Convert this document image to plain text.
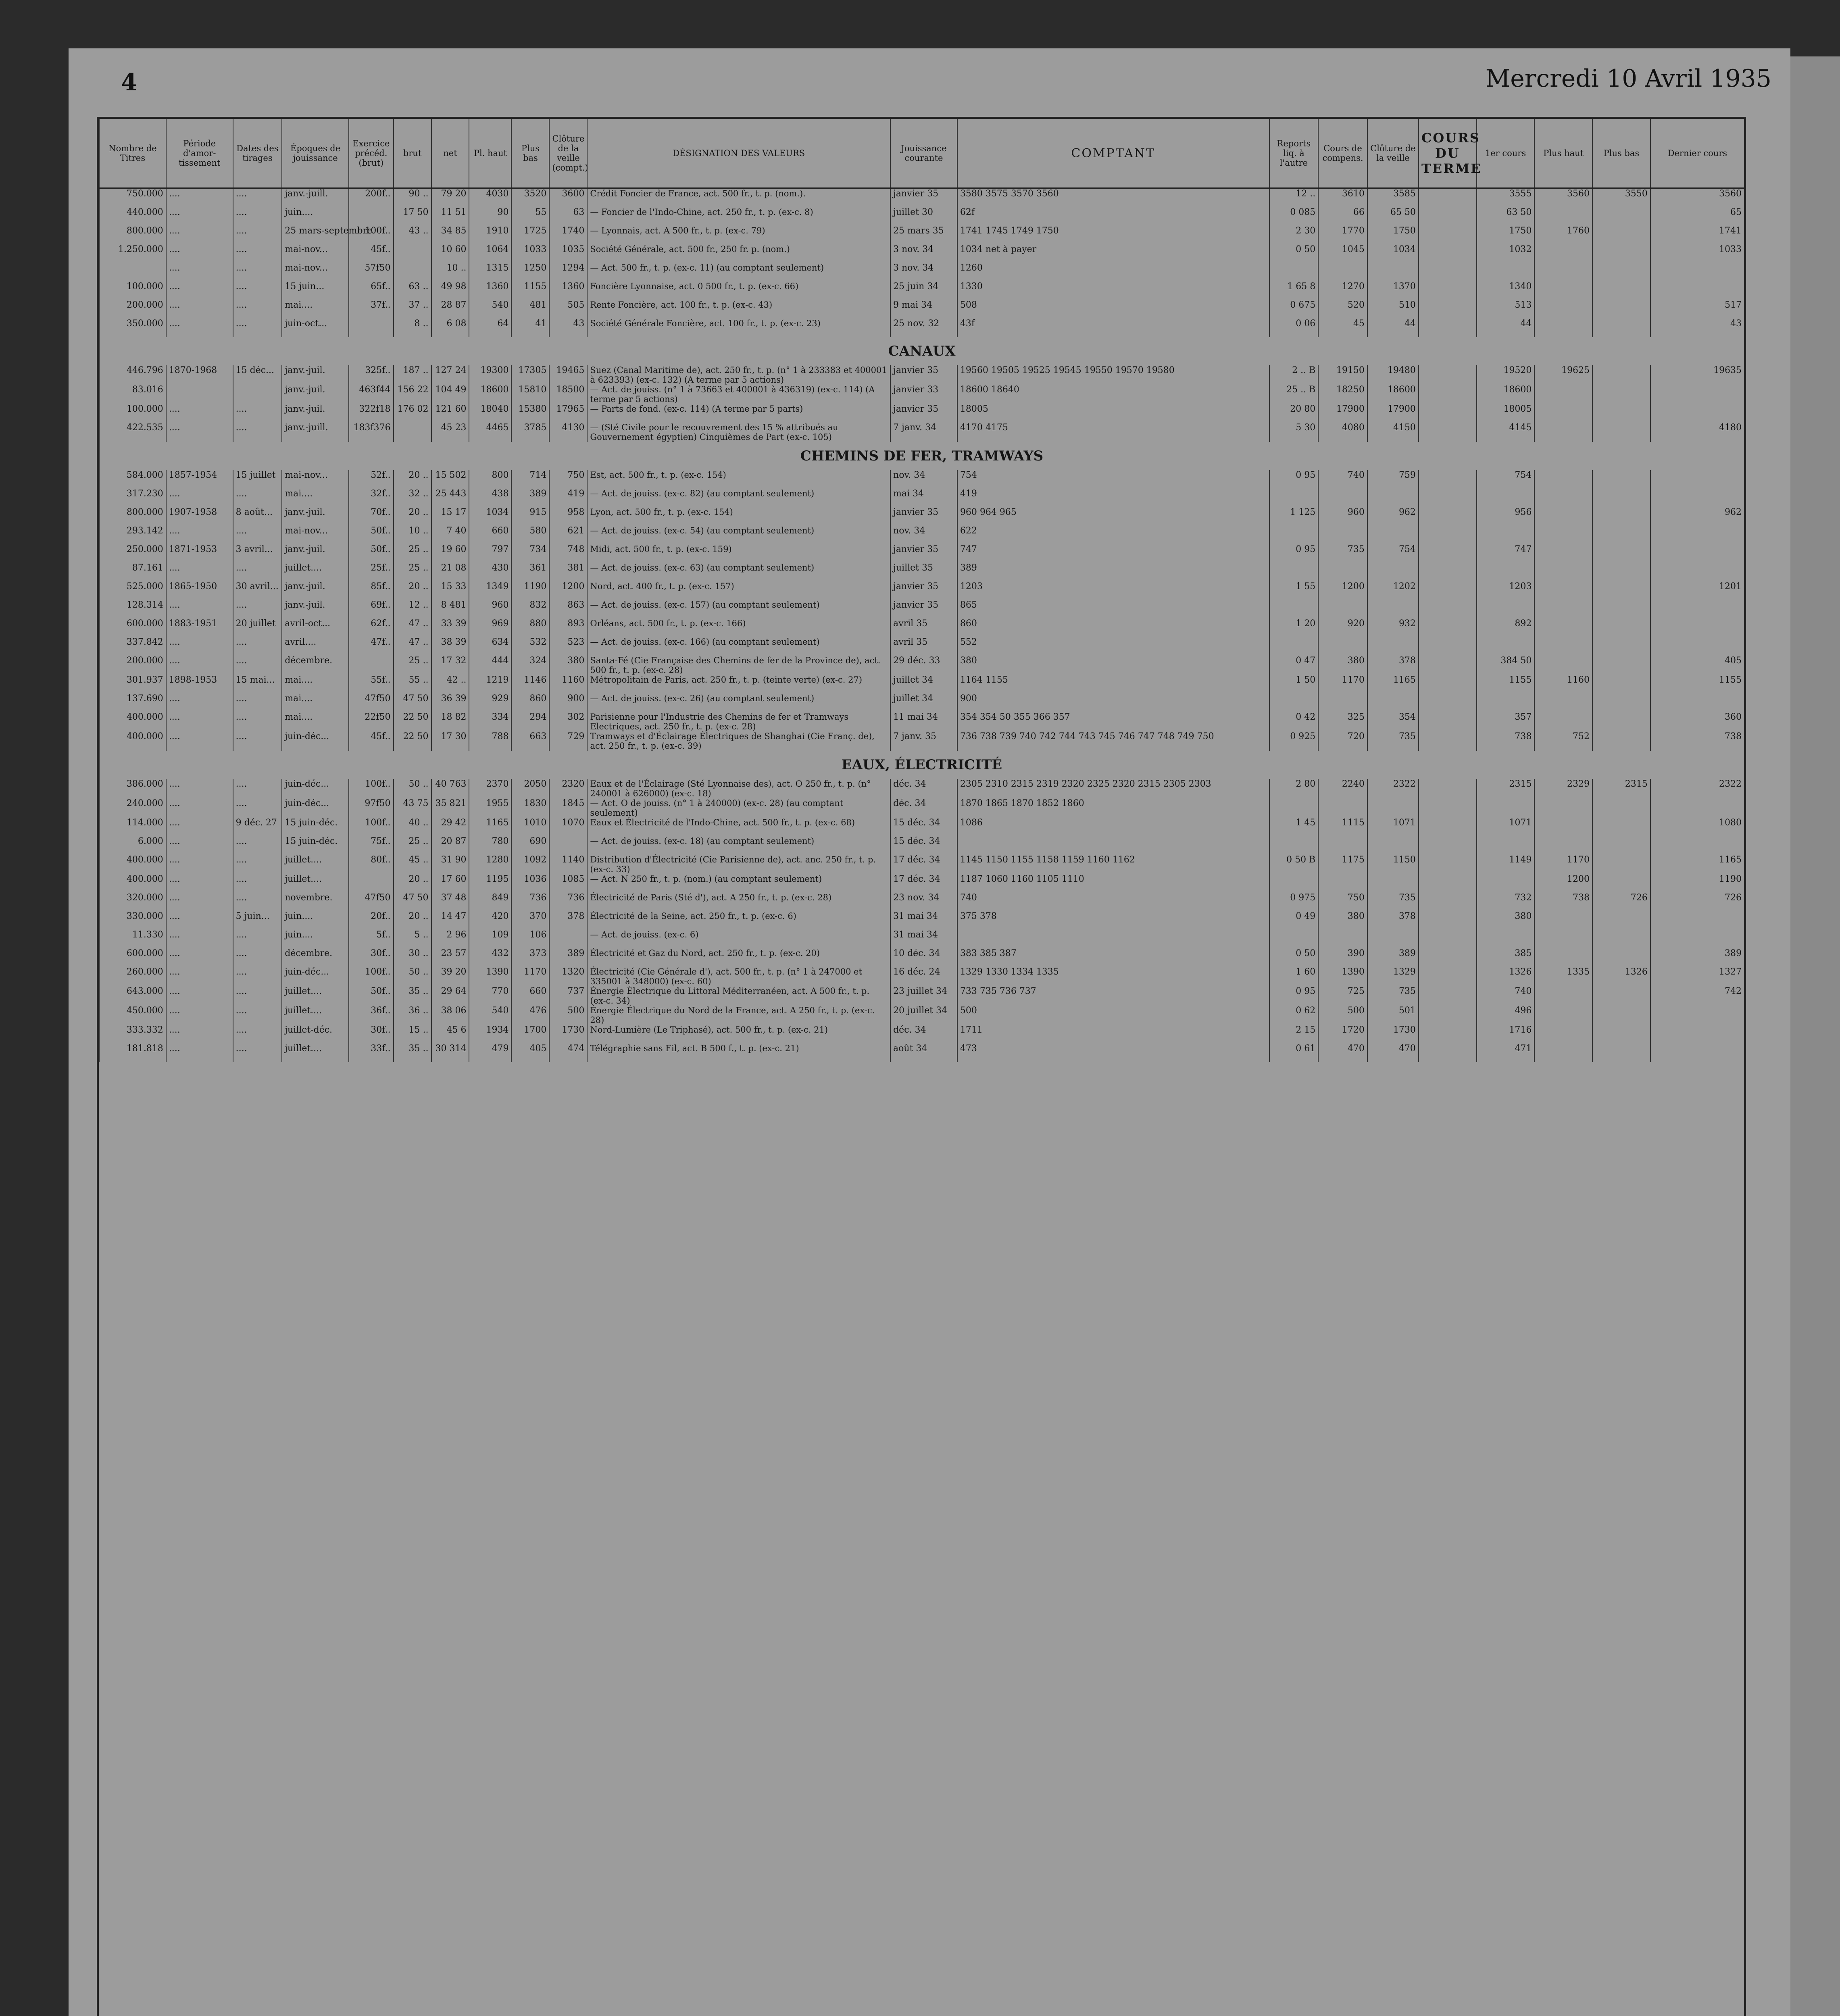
4	Mercredi 10 Avril 1935
Nombre de Titres	Période d'amor-tissement	Dates des tirages	Époques de jouissance	Exercice précéd. (brut)	brut	net	Pl. haut	Plus bas	Clôture de la veille (compt.)	DÉSIGNATION DES VALEURS	Jouissance courante	COMPTANT	Reports liq. à l'autre	Cours de compens.	Clôture de la veille	COURS DU TERME	1er cours	Plus haut	Plus bas	Dernier cours
750.000	....	....	janv.-juill.	200f..	90 ..	79 20	4030	3520	3600	Crédit Foncier de France, act. 500 fr., t. p. (nom.).	janvier 35	3580 3575 3570 3560	12 ..	3610	3585		3555	3560	3550	3560
440.000	....	....	juin....		17 50	11 51	90	55	63	— Foncier de l'Indo-Chine, act. 250 fr., t. p. (ex-c. 8)	juillet 30	62f	0 085	66	65 50		63 50			65
800.000	....	....	25 mars-septembre	100f..	43 ..	34 85	1910	1725	1740	— Lyonnais, act. A 500 fr., t. p. (ex-c. 79)	25 mars 35	1741 1745 1749 1750	2 30	1770	1750		1750	1760		1741
1.250.000	....	....	mai-nov...	45f..		10 60	1064	1033	1035	Société Générale, act. 500 fr., 250 fr. p. (nom.)	3 nov. 34	1034 net à payer	0 50	1045	1034		1032			1033
	....	....	mai-nov...	57f50		10 ..	1315	1250	1294	— Act. 500 fr., t. p. (ex-c. 11) (au comptant seulement)	3 nov. 34	1260								
100.000	....	....	15 juin...	65f..	63 ..	49 98	1360	1155	1360	Foncière Lyonnaise, act. 0 500 fr., t. p. (ex-c. 66)	25 juin 34	1330	1 65 8	1270	1370		1340			
200.000	....	....	mai....	37f..	37 ..	28 87	540	481	505	Rente Foncière, act. 100 fr., t. p. (ex-c. 43)	9 mai 34	508	0 675	520	510		513			517
350.000	....	....	juin-oct...		8 ..	6 08	64	41	43	Société Générale Foncière, act. 100 fr., t. p. (ex-c. 23)	25 nov. 32	43f	0 06	45	44		44			43
CANAUX																				
446.796	1870-1968	15 déc...	janv.-juil.	325f..	187 ..	127 24	19300	17305	19465	Suez (Canal Maritime de), act. 250 fr., t. p. (n° 1 à 233383 et 400001 à 623393) (ex-c. 132) (A terme par 5 actions)	janvier 35	19560 19505 19525 19545 19550 19570 19580	2 .. B	19150	19480		19520	19625		19635
83.016			janv.-juil.	463f44	156 22	104 49	18600	15810	18500	— Act. de jouiss. (n° 1 à 73663 et 400001 à 436319) (ex-c. 114) (A terme par 5 actions)	janvier 33	18600 18640	25 .. B	18250	18600		18600			
100.000	....	....	janv.-juil.	322f18	176 02	121 60	18040	15380	17965	— Parts de fond. (ex-c. 114) (A terme par 5 parts)	janvier 35	18005	20 80	17900	17900		18005			
422.535	....	....	janv.-juill.	183f376		45 23	4465	3785	4130	— (Sté Civile pour le recouvrement des 15 % attribués au Gouvernement égyptien) Cinquièmes de Part (ex-c. 105)	7 janv. 34	4170 4175	5 30	4080	4150		4145			4180
CHEMINS DE FER, TRAMWAYS																				
584.000	1857-1954	15 juillet	mai-nov...	52f..	20 ..	15 502	800	714	750	Est, act. 500 fr., t. p. (ex-c. 154)	nov. 34	754	0 95	740	759		754			
317.230	....	....	mai....	32f..	32 ..	25 443	438	389	419	— Act. de jouiss. (ex-c. 82) (au comptant seulement)	mai 34	419								
800.000	1907-1958	8 août...	janv.-juil.	70f..	20 ..	15 17	1034	915	958	Lyon, act. 500 fr., t. p. (ex-c. 154)	janvier 35	960 964 965	1 125	960	962		956			962
293.142	....	....	mai-nov...	50f..	10 ..	7 40	660	580	621	— Act. de jouiss. (ex-c. 54) (au comptant seulement)	nov. 34	622								
250.000	1871-1953	3 avril...	janv.-juil.	50f..	25 ..	19 60	797	734	748	Midi, act. 500 fr., t. p. (ex-c. 159)	janvier 35	747	0 95	735	754		747			
87.161	....	....	juillet....	25f..	25 ..	21 08	430	361	381	— Act. de jouiss. (ex-c. 63) (au comptant seulement)	juillet 35	389								
525.000	1865-1950	30 avril...	janv.-juil.	85f..	20 ..	15 33	1349	1190	1200	Nord, act. 400 fr., t. p. (ex-c. 157)	janvier 35	1203	1 55	1200	1202		1203			1201
128.314	....	....	janv.-juil.	69f..	12 ..	8 481	960	832	863	— Act. de jouiss. (ex-c. 157) (au comptant seulement)	janvier 35	865								
600.000	1883-1951	20 juillet	avril-oct...	62f..	47 ..	33 39	969	880	893	Orléans, act. 500 fr., t. p. (ex-c. 166)	avril 35	860	1 20	920	932		892			
337.842	....	....	avril....	47f..	47 ..	38 39	634	532	523	— Act. de jouiss. (ex-c. 166) (au comptant seulement)	avril 35	552								
200.000	....	....	décembre.		25 ..	17 32	444	324	380	Santa-Fé (Cie Française des Chemins de fer de la Province de), act. 500 fr., t. p. (ex-c. 28)	29 déc. 33	380	0 47	380	378		384 50			405
301.937	1898-1953	15 mai...	mai....	55f..	55 ..	42 ..	1219	1146	1160	Métropolitain de Paris, act. 250 fr., t. p. (teinte verte) (ex-c. 27)	juillet 34	1164 1155	1 50	1170	1165		1155	1160		1155
137.690	....	....	mai....	47f50	47 50	36 39	929	860	900	— Act. de jouiss. (ex-c. 26) (au comptant seulement)	juillet 34	900								
400.000	....	....	mai....	22f50	22 50	18 82	334	294	302	Parisienne pour l'Industrie des Chemins de fer et Tramways Electriques, act. 250 fr., t. p. (ex-c. 28)	11 mai 34	354 354 50 355 366 357	0 42	325	354		357			360
400.000	....	....	juin-déc...	45f..	22 50	17 30	788	663	729	Tramways et d'Éclairage Électriques de Shanghai (Cie Franç. de), act. 250 fr., t. p. (ex-c. 39)	7 janv. 35	736 738 739 740 742 744 743 745 746 747 748 749 750	0 925	720	735		738	752		738
EAUX, ÉLECTRICITÉ																				
386.000	....	....	juin-déc...	100f..	50 ..	40 763	2370	2050	2320	Eaux et de l'Éclairage (Sté Lyonnaise des), act. O 250 fr., t. p. (n° 240001 à 626000) (ex-c. 18)	déc. 34	2305 2310 2315 2319 2320 2325 2320 2315 2305 2303	2 80	2240	2322		2315	2329	2315	2322
240.000	....	....	juin-déc...	97f50	43 75	35 821	1955	1830	1845	— Act. O de jouiss. (n° 1 à 240000) (ex-c. 28) (au comptant seulement)	déc. 34	1870 1865 1870 1852 1860								
114.000	....	9 déc. 27	15 juin-déc.	100f..	40 ..	29 42	1165	1010	1070	Eaux et Électricité de l'Indo-Chine, act. 500 fr., t. p. (ex-c. 68)	15 déc. 34	1086	1 45	1115	1071		1071			1080
6.000	....	....	15 juin-déc.	75f..	25 ..	20 87	780	690		— Act. de jouiss. (ex-c. 18) (au comptant seulement)	15 déc. 34									
400.000	....	....	juillet....	80f..	45 ..	31 90	1280	1092	1140	Distribution d'Électricité (Cie Parisienne de), act. anc. 250 fr., t. p. (ex-c. 33)	17 déc. 34	1145 1150 1155 1158 1159 1160 1162	0 50 B	1175	1150		1149	1170		1165
400.000	....	....	juillet....		20 ..	17 60	1195	1036	1085	— Act. N 250 fr., t. p. (nom.) (au comptant seulement)	17 déc. 34	1187 1060 1160 1105 1110						1200		1190
320.000	....	....	novembre.	47f50	47 50	37 48	849	736	736	Électricité de Paris (Sté d'), act. A 250 fr., t. p. (ex-c. 28)	23 nov. 34	740	0 975	750	735		732	738	726	726
330.000	....	5 juin...	juin....	20f..	20 ..	14 47	420	370	378	Électricité de la Seine, act. 250 fr., t. p. (ex-c. 6)	31 mai 34	375 378	0 49	380	378		380			
11.330	....	....	juin....	5f..	5 ..	2 96	109	106		— Act. de jouiss. (ex-c. 6)	31 mai 34									
600.000	....	....	décembre.	30f..	30 ..	23 57	432	373	389	Électricité et Gaz du Nord, act. 250 fr., t. p. (ex-c. 20)	10 déc. 34	383 385 387	0 50	390	389		385			389
260.000	....	....	juin-déc...	100f..	50 ..	39 20	1390	1170	1320	Électricité (Cie Générale d'), act. 500 fr., t. p. (n° 1 à 247000 et 335001 à 348000) (ex-c. 60)	16 déc. 24	1329 1330 1334 1335	1 60	1390	1329		1326	1335	1326	1327
643.000	....	....	juillet....	50f..	35 ..	29 64	770	660	737	Énergie Électrique du Littoral Méditerranéen, act. A 500 fr., t. p. (ex-c. 34)	23 juillet 34	733 735 736 737	0 95	725	735		740			742
450.000	....	....	juillet....	36f..	36 ..	38 06	540	476	500	Énergie Électrique du Nord de la France, act. A 250 fr., t. p. (ex-c. 28)	20 juillet 34	500	0 62	500	501		496			
333.332	....	....	juillet-déc.	30f..	15 ..	45 6	1934	1700	1730	Nord-Lumière (Le Triphasé), act. 500 fr., t. p. (ex-c. 21)	déc. 34	1711	2 15	1720	1730		1716			
181.818	....	....	juillet....	33f..	35 ..	30 314	479	405	474	Télégraphie sans Fil, act. B 500 f., t. p. (ex-c. 21)	août 34	473	0 61	470	470		471			
